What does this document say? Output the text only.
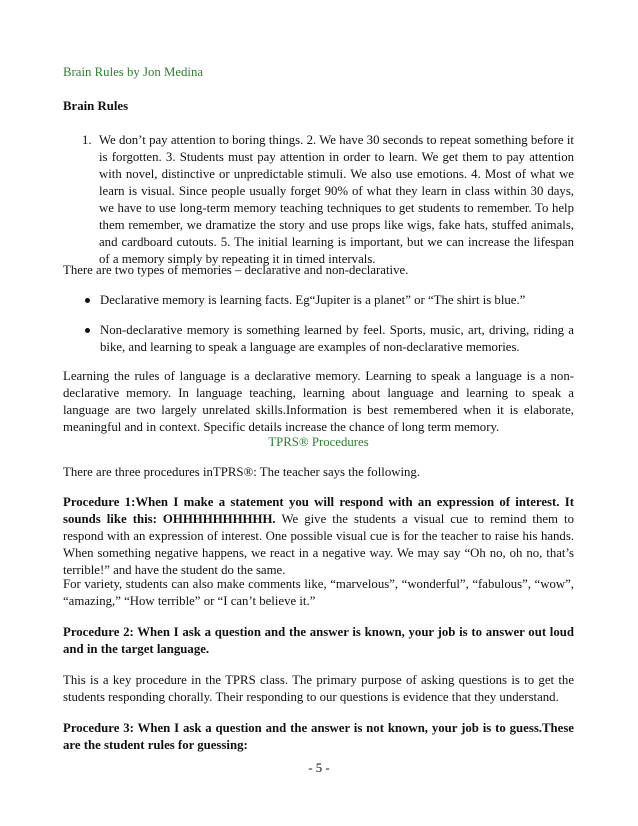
Brain Rules by Jon Medina

Brain Rules

1. We don’t pay attention to boring things. 2. We have 30 seconds to repeat something before it is forgotten. 3. Students must pay attention in order to learn. We get them to pay attention with novel, distinctive or unpredictable stimuli. We also use emotions. 4. Most of what we learn is visual. Since people usually forget 90% of what they learn in class within 30 days, we have to use long-term memory teaching techniques to get students to remember. To help them remember, we dramatize the story and use props like wigs, fake hats, stuffed animals, and cardboard cutouts. 5. The initial learning is important, but we can increase the lifespan of a memory simply by repeating it in timed intervals.

There are two types of memories – declarative and non-declarative.

Declarative memory is learning facts. Eg“Jupiter is a planet” or “The shirt is blue.”
Non-declarative memory is something learned by feel. Sports, music, art, driving, riding a bike, and learning to speak a language are examples of non-declarative memories.

Learning the rules of language is a declarative memory. Learning to speak a language is a non-declarative memory. In language teaching, learning about language and learning to speak a language are two largely unrelated skills.Information is best remembered when it is elaborate, meaningful and in context. Specific details increase the chance of long term memory.

TPRS® Procedures

There are three procedures inTPRS®: The teacher says the following.

Procedure 1:When I make a statement you will respond with an expression of interest. It sounds like this: OHHHHHHHHHH. We give the students a visual cue to remind them to respond with an expression of interest. One possible visual cue is for the teacher to raise his hands. When something negative happens, we react in a negative way. We may say “Oh no, oh no, that’s terrible!” and have the student do the same.

For variety, students can also make comments like, “marvelous”, “wonderful”, “fabulous”, “wow”, “amazing,” “How terrible” or “I can’t believe it.”

Procedure 2: When I ask a question and the answer is known, your job is to answer out loud and in the target language.

This is a key procedure in the TPRS class. The primary purpose of asking questions is to get the students responding chorally. Their responding to our questions is evidence that they understand.

Procedure 3: When I ask a question and the answer is not known, your job is to guess.These are the student rules for guessing:

- 5 -
